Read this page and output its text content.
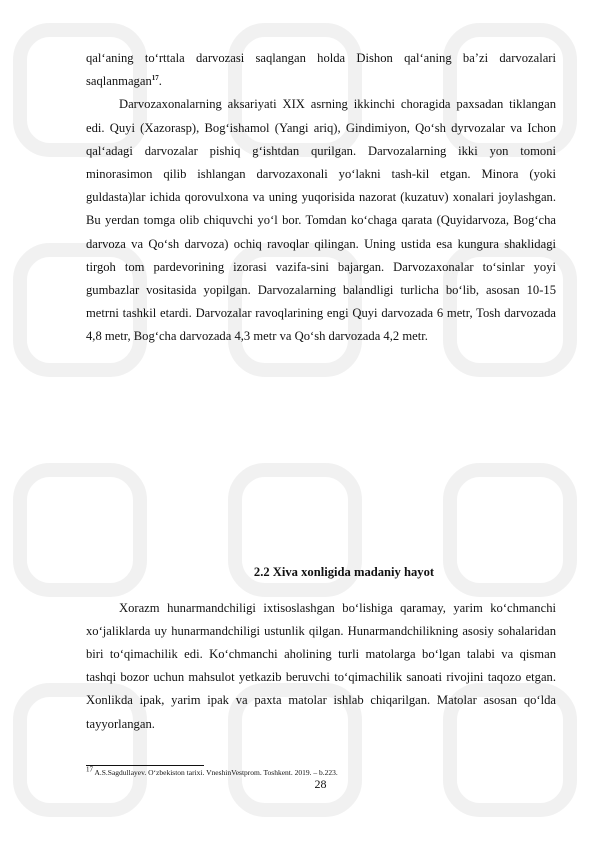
qal‘aning to‘rttala darvozasi saqlangan holda Dishon qal‘aning ba’zi darvozalari saqlanmagan$^{17}$.

Darvozaxonalarning aksariyati XIX asrning ikkinchi choragida paxsadan tiklangan edi. Quyi (Xazorasp), Bog‘ishamol (Yangi ariq), Gindimiyon, Qo‘sh dyrvozalar va Ichon qal‘adagi darvozalar pishiq g‘ishtdan qurilgan. Darvozalarning ikki yon tomoni minorasimon qilib ishlangan darvozaxonali yo‘lakni tash-kil etgan. Minora (yoki guldasta)lar ichida qorovulxona va uning yuqorisida nazorat (kuzatuv) xonalari joylashgan. Bu yerdan tomga olib chiquvchi yo‘l bor. Tomdan ko‘chaga qarata (Quyidarvoza, Bog‘cha darvoza va Qo‘sh darvoza) ochiq ravoqlar qilingan. Uning ustida esa kungura shaklidagi tirgoh tom pardevorining izorasi vazifa-sini bajargan. Darvozaxonalar to‘sinlar yoyi gumbazlar vositasida yopilgan. Darvozalarning balandligi turlicha bo‘lib, asosan 10-15 metrni tashkil etardi. Darvozalar ravoqlarining engi Quyi darvozada 6 metr, Tosh darvozada 4,8 metr, Bog‘cha darvozada 4,3 metr va Qo‘sh darvozada 4,2 metr.

2.2 Xiva xonligida madaniy hayot

Xorazm hunarmandchiligi ixtisoslashgan bo‘lishiga qaramay, yarim ko‘chmanchi xo‘jaliklarda uy hunarmandchiligi ustunlik qilgan. Hunarmandchilikning asosiy sohalaridan biri to‘qimachilik edi. Ko‘chmanchi aholining turli matolarga bo‘lgan talabi va qisman tashqi bozor uchun mahsulot yetkazib beruvchi to‘qimachilik sanoati rivojini taqozo etgan. Xonlikda ipak, yarim ipak va paxta matolar ishlab chiqarilgan. Matolar asosan qo‘lda tayyorlangan.

$^{17}$ A.S.Sagdullayev. O‘zbekiston tarixi. VneshinVestprom. Toshkent. 2019. – b.223.
28
